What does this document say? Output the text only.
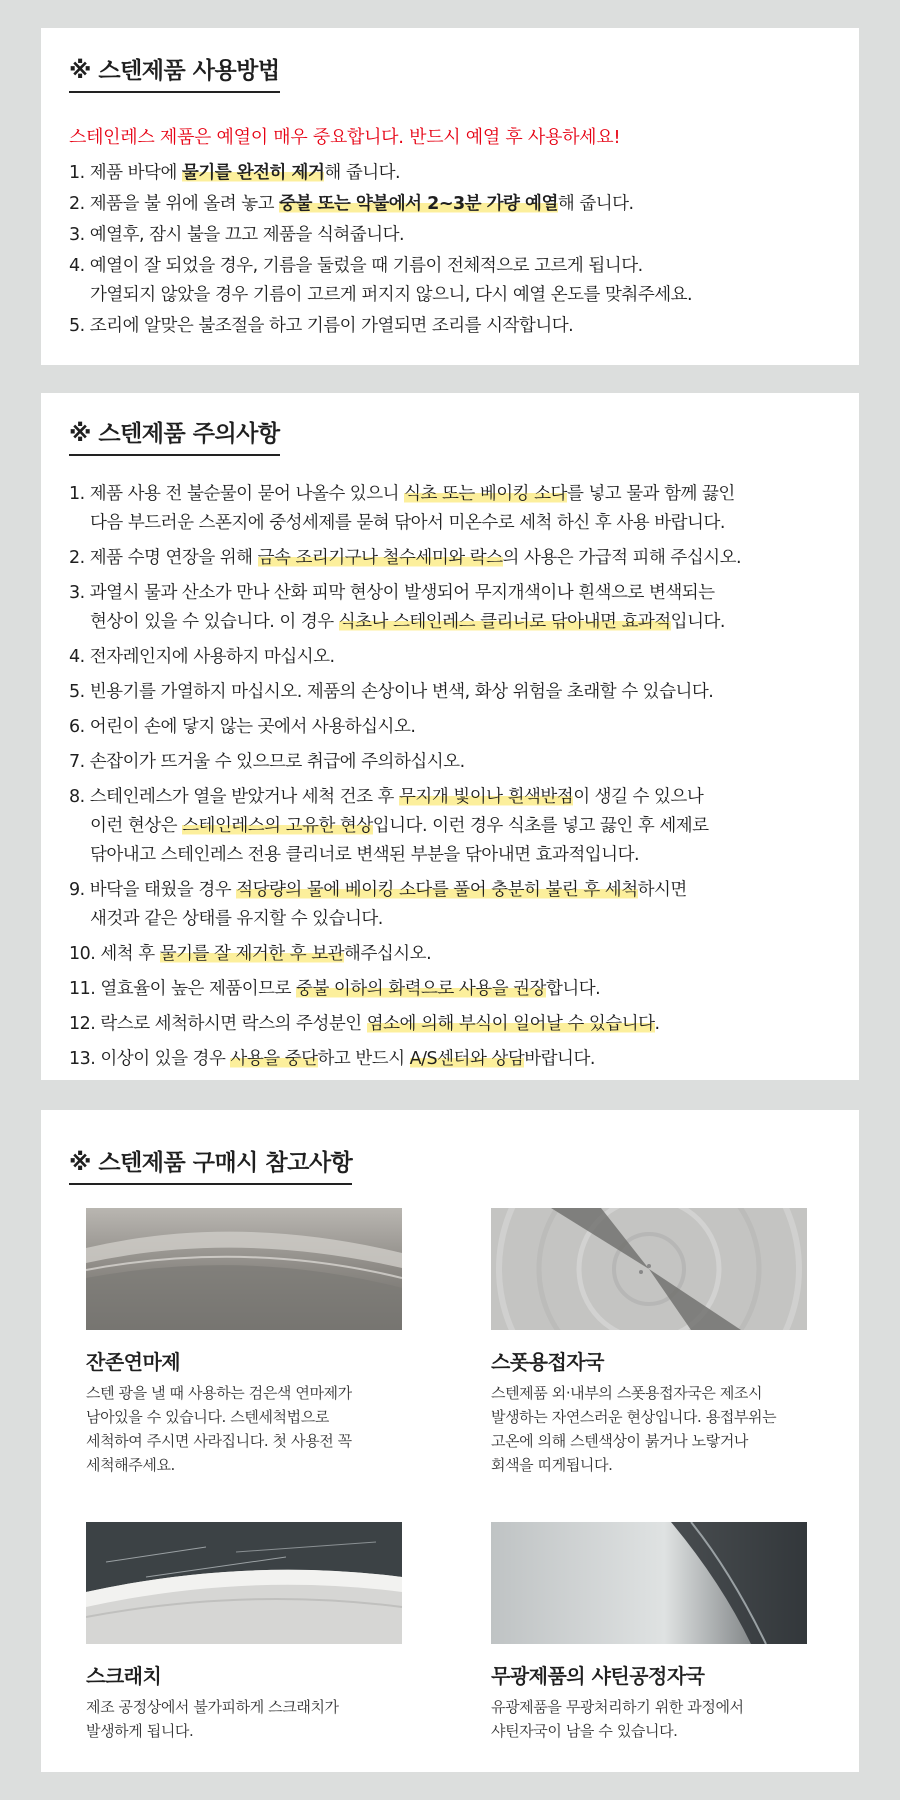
※ 스텐제품 사용방법
스테인레스 제품은 예열이 매우 중요합니다. 반드시 예열 후 사용하세요!
1. 제품 바닥에 물기를 완전히 제거해 줍니다.
2. 제품을 불 위에 올려 놓고 중불 또는 약불에서 2~3분 가량 예열해 줍니다.
3. 예열후, 잠시 불을 끄고 제품을 식혀줍니다.
4. 예열이 잘 되었을 경우, 기름을 둘렀을 때 기름이 전체적으로 고르게 됩니다.
가열되지 않았을 경우 기름이 고르게 퍼지지 않으니, 다시 예열 온도를 맞춰주세요.
5. 조리에 알맞은 불조절을 하고 기름이 가열되면 조리를 시작합니다.
※ 스텐제품 주의사항
1. 제품 사용 전 불순물이 묻어 나올수 있으니 식초 또는 베이킹 소다를 넣고 물과 함께 끓인
다음 부드러운 스폰지에 중성세제를 묻혀 닦아서 미온수로 세척 하신 후 사용 바랍니다.
2. 제품 수명 연장을 위해 금속 조리기구나 철수세미와 락스의 사용은 가급적 피해 주십시오.
3. 과열시 물과 산소가 만나 산화 피막 현상이 발생되어 무지개색이나 흰색으로 변색되는
현상이 있을 수 있습니다. 이 경우 식초나 스테인레스 클리너로 닦아내면 효과적입니다.
4. 전자레인지에 사용하지 마십시오.
5. 빈용기를 가열하지 마십시오. 제품의 손상이나 변색, 화상 위험을 초래할 수 있습니다.
6. 어린이 손에 닿지 않는 곳에서 사용하십시오.
7. 손잡이가 뜨거울 수 있으므로 취급에 주의하십시오.
8. 스테인레스가 열을 받았거나 세척 건조 후 무지개 빛이나 흰색반점이 생길 수 있으나
이런 현상은 스테인레스의 고유한 현상입니다. 이런 경우 식초를 넣고 끓인 후 세제로
닦아내고 스테인레스 전용 클리너로 변색된 부분을 닦아내면 효과적입니다.
9. 바닥을 태웠을 경우 적당량의 물에 베이킹 소다를 풀어 충분히 불린 후 세척하시면
새것과 같은 상태를 유지할 수 있습니다.
10. 세척 후 물기를 잘 제거한 후 보관해주십시오.
11. 열효율이 높은 제품이므로 중불 이하의 화력으로 사용을 권장합니다.
12. 락스로 세척하시면 락스의 주성분인 염소에 의해 부식이 일어날 수 있습니다.
13. 이상이 있을 경우 사용을 중단하고 반드시 A/S센터와 상담바랍니다.
※ 스텐제품 구매시 참고사항
잔존연마제

스텐 광을 낼 때 사용하는 검은색 연마제가
남아있을 수 있습니다. 스텐세척법으로
세척하여 주시면 사라집니다. 첫 사용전 꼭
세척해주세요.

스폿용접자국

스텐제품 외·내부의 스폿용접자국은 제조시
발생하는 자연스러운 현상입니다. 용접부위는
고온에 의해 스텐색상이 붉거나 노랗거나
회색을 띠게됩니다.

스크래치

제조 공정상에서 불가피하게 스크래치가
발생하게 됩니다.

무광제품의 샤틴공정자국

유광제품을 무광처리하기 위한 과정에서
샤틴자국이 남을 수 있습니다.
